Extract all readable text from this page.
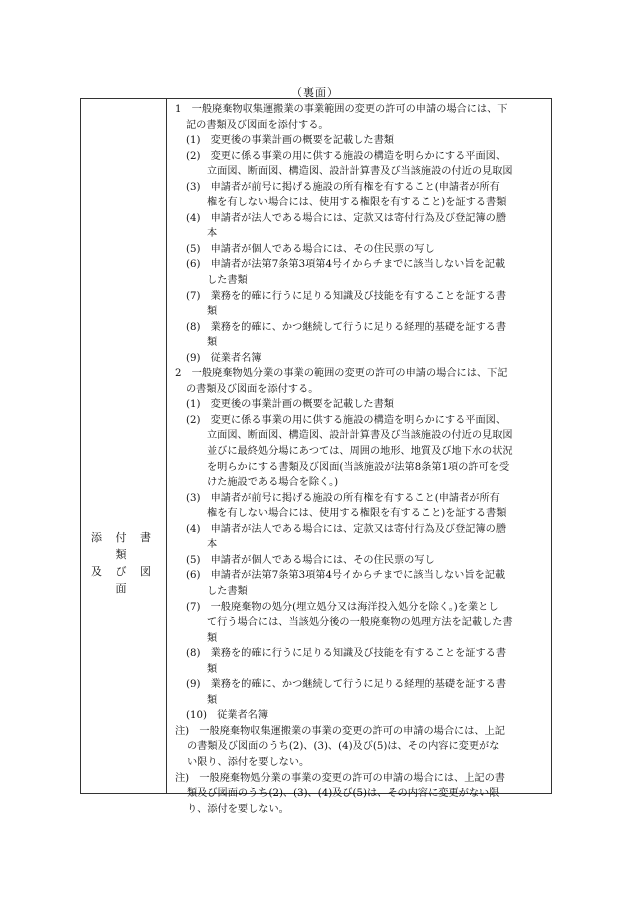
（裏面）
添 付 書 類
及 び 図 面
1　一般廃棄物収集運搬業の事業範囲の変更の許可の申請の場合には、下
記の書類及び図面を添付する。
(1)　変更後の事業計画の概要を記載した書類
(2)　変更に係る事業の用に供する施設の構造を明らかにする平面図、
立面図、断面図、構造図、設計計算書及び当該施設の付近の見取図
(3)　申請者が前号に掲げる施設の所有権を有すること(申請者が所有
権を有しない場合には、使用する権限を有すること)を証する書類
(4)　申請者が法人である場合には、定款又は寄付行為及び登記簿の謄
本
(5)　申請者が個人である場合には、その住民票の写し
(6)　申請者が法第7条第3項第4号イからチまでに該当しない旨を記載
した書類
(7)　業務を的確に行うに足りる知識及び技能を有することを証する書
類
(8)　業務を的確に、かつ継続して行うに足りる経理的基礎を証する書
類
(9)　従業者名簿
2　一般廃棄物処分業の事業の範囲の変更の許可の申請の場合には、下記
の書類及び図面を添付する。
(1)　変更後の事業計画の概要を記載した書類
(2)　変更に係る事業の用に供する施設の構造を明らかにする平面図、
立面図、断面図、構造図、設計計算書及び当該施設の付近の見取図
並びに最終処分場にあつては、周囲の地形、地質及び地下水の状況
を明らかにする書類及び図面(当該施設が法第8条第1項の許可を受
けた施設である場合を除く。)
(3)　申請者が前号に掲げる施設の所有権を有すること(申請者が所有
権を有しない場合には、使用する権限を有すること)を証する書類
(4)　申請者が法人である場合には、定款又は寄付行為及び登記簿の謄
本
(5)　申請者が個人である場合には、その住民票の写し
(6)　申請者が法第7条第3項第4号イからチまでに該当しない旨を記載
した書類
(7)　一般廃棄物の処分(埋立処分又は海洋投入処分を除く。)を業とし
て行う場合には、当該処分後の一般廃棄物の処理方法を記載した書
類
(8)　業務を的確に行うに足りる知識及び技能を有することを証する書
類
(9)　業務を的確に、かつ継続して行うに足りる経理的基礎を証する書
類
(10)　従業者名簿
注)　一般廃棄物収集運搬業の事業の変更の許可の申請の場合には、上記
の書類及び図面のうち(2)、(3)、(4)及び(5)は、その内容に変更がな
い限り、添付を要しない。
注)　一般廃棄物処分業の事業の変更の許可の申請の場合には、上記の書
類及び図面のうち(2)、(3)、(4)及び(5)は、その内容に変更がない限
り、添付を要しない。
